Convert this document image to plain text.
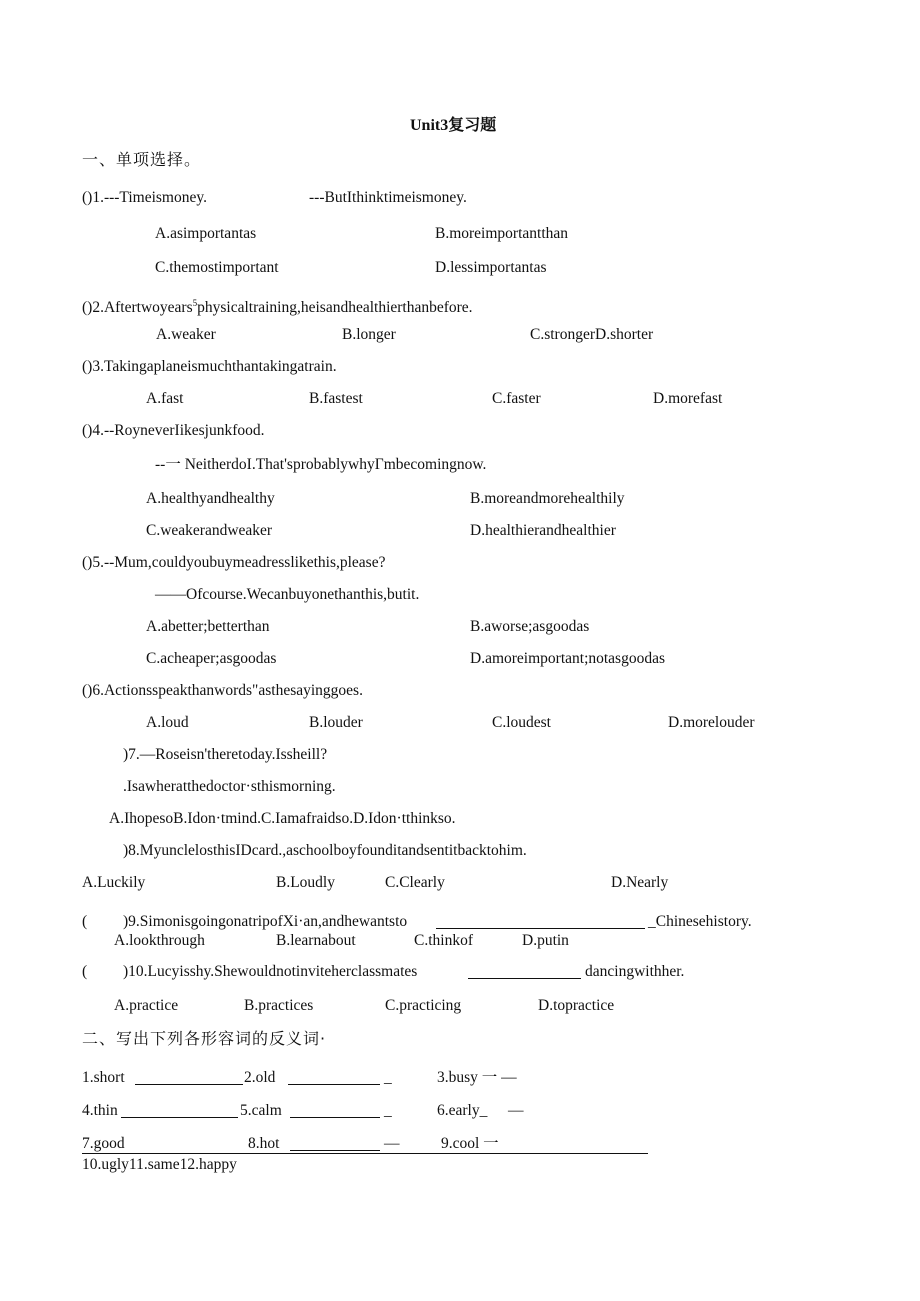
Unit3复习题
一、单项选择。
()1.---Timeismoney.	---ButIthinktimeismoney.
A.asimportantas	B.moreimportantthan
C.themostimportant	D.lessimportantas
()2.Aftertwoyears$^5$physicaltraining,heisandhealthierthanbefore.
A.weaker	B.longer	C.strongerD.shorter
()3.Takingaplaneismuchthantakingatrain.
A.fast	B.fastest	C.faster	D.morefast
()4.--RoyneverIikesjunkfood.
--一 NeitherdoI.That'sprobablywhyΓmbecomingnow.
A.healthyandhealthy	B.moreandmorehealthily
C.weakerandweaker	D.healthierandhealthier
()5.--Mum,couldyoubuymeadresslikethis,please?
——Ofcourse.Wecanbuyonethanthis,butit.
A.abetter;betterthan	B.aworse;asgoodas
C.acheaper;asgoodas	D.amoreimportant;notasgoodas
()6.Actionsspeakthanwords"asthesayinggoes.
A.loud	B.louder	C.loudest	D.morelouder
)7.—Roseisn'theretoday.Issheill?
.Isawheratthedoctor·sthismorning.
A.IhopesoB.Idon·tmind.C.Iamafraidso.D.Idon·tthinkso.
)8.MyunclelosthisIDcard.,aschoolboyfounditandsentitbacktohim.
A.Luckily	B.Loudly	C.Clearly	D.Nearly
( )9.SimonisgoingonatripofXi·an,andhewantsto	_Chinesehistory.
A.lookthrough	B.learnabout	C.thinkof	D.putin
( )10.Lucyisshy.Shewouldnotinviteherclassmates	dancingwithher.
A.practice	B.practices	C.practicing	D.topractice
二、写出下列各形容词的反义词·
1.short	2.old	_	3.busy 一 —
4.thin	5.calm	_	6.early_ —
7.good	8.hot	—	9.cool 一
10.ugly11.same12.happy
